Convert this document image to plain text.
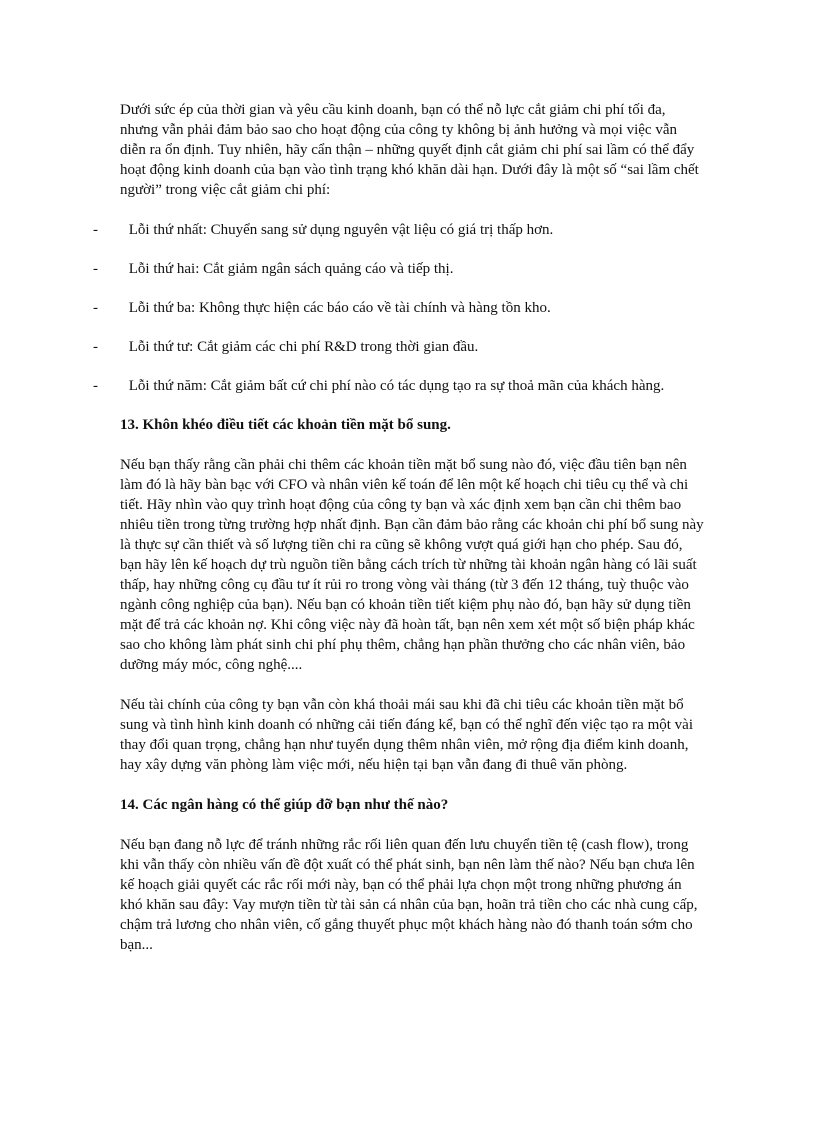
Dưới sức ép của thời gian và yêu cầu kinh doanh, bạn có thể nỗ lực cắt giảm chi phí tối đa, nhưng vẫn phải đảm bảo sao cho hoạt động của công ty không bị ảnh hưởng và mọi việc vẫn diễn ra ổn định. Tuy nhiên, hãy cẩn thận – những quyết định cắt giảm chi phí sai lầm có thể đẩy hoạt động kinh doanh của bạn vào tình trạng khó khăn dài hạn. Dưới đây là một số “sai lầm chết người” trong việc cắt giảm chi phí:

- Lỗi thứ nhất: Chuyển sang sử dụng nguyên vật liệu có giá trị thấp hơn.

- Lỗi thứ hai: Cắt giảm ngân sách quảng cáo và tiếp thị.

- Lỗi thứ ba: Không thực hiện các báo cáo về tài chính và hàng tồn kho.

- Lỗi thứ tư: Cắt giảm các chi phí R&D trong thời gian đầu.

- Lỗi thứ năm: Cắt giảm bất cứ chi phí nào có tác dụng tạo ra sự thoả mãn của khách hàng.

13. Khôn khéo điều tiết các khoản tiền mặt bổ sung.

Nếu bạn thấy rằng cần phải chi thêm các khoản tiền mặt bổ sung nào đó, việc đầu tiên bạn nên làm đó là hãy bàn bạc với CFO và nhân viên kế toán để lên một kế hoạch chi tiêu cụ thể và chi tiết. Hãy nhìn vào quy trình hoạt động của công ty bạn và xác định xem bạn cần chi thêm bao nhiêu tiền trong từng trường hợp nhất định. Bạn cần đảm bảo rằng các khoản chi phí bổ sung này là thực sự cần thiết và số lượng tiền chi ra cũng sẽ không vượt quá giới hạn cho phép. Sau đó, bạn hãy lên kế hoạch dự trù nguồn tiền bằng cách trích từ những tài khoản ngân hàng có lãi suất thấp, hay những công cụ đầu tư ít rủi ro trong vòng vài tháng (từ 3 đến 12 tháng, tuỳ thuộc vào ngành công nghiệp của bạn). Nếu bạn có khoản tiền tiết kiệm phụ nào đó, bạn hãy sử dụng tiền mặt để trả các khoản nợ. Khi công việc này đã hoàn tất, bạn nên xem xét một số biện pháp khác sao cho không làm phát sinh chi phí phụ thêm, chẳng hạn phần thưởng cho các nhân viên, bảo dưỡng máy móc, công nghệ....

Nếu tài chính của công ty bạn vẫn còn khá thoải mái sau khi đã chi tiêu các khoản tiền mặt bổ sung và tình hình kinh doanh có những cải tiến đáng kể, bạn có thể nghĩ đến việc tạo ra một vài thay đổi quan trọng, chẳng hạn như tuyển dụng thêm nhân viên, mở rộng địa điểm kinh doanh, hay xây dựng văn phòng làm việc mới, nếu hiện tại bạn vẫn đang đi thuê văn phòng.

14. Các ngân hàng có thể giúp đỡ bạn như thế nào?

Nếu bạn đang nỗ lực để tránh những rắc rối liên quan đến lưu chuyển tiền tệ (cash flow), trong khi vẫn thấy còn nhiều vấn đề đột xuất có thể phát sinh, bạn nên làm thế nào? Nếu bạn chưa lên kế hoạch giải quyết các rắc rối mới này, bạn có thể phải lựa chọn một trong những phương án khó khăn sau đây: Vay mượn tiền từ tài sản cá nhân của bạn, hoãn trả tiền cho các nhà cung cấp, chậm trả lương cho nhân viên, cố gắng thuyết phục một khách hàng nào đó thanh toán sớm cho bạn...
